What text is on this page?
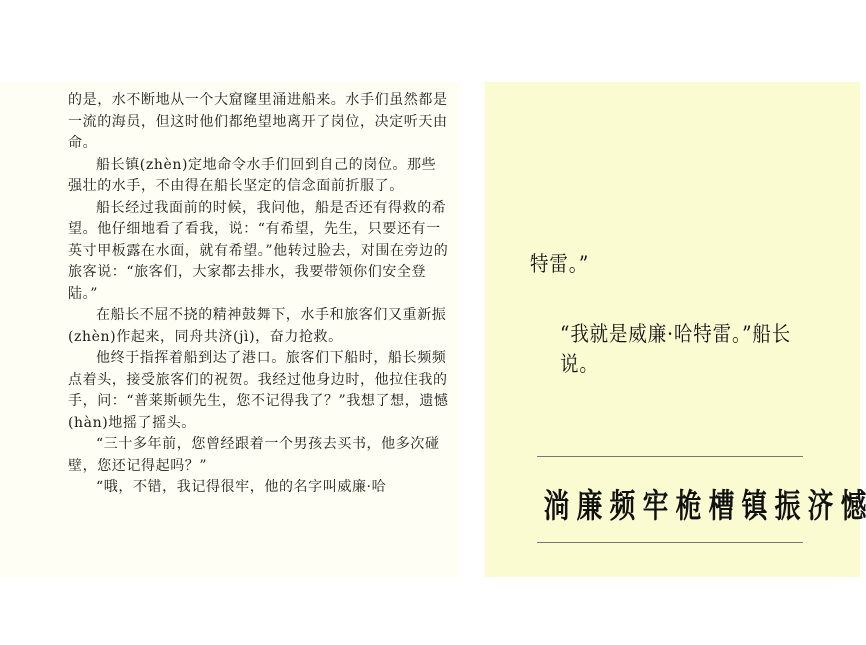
的是，水不断地从一个大窟窿里涌进船来。水手们虽然都是一流的海员，但这时他们都绝望地离开了岗位，决定听天由命。

船长镇(zhèn)定地命令水手们回到自己的岗位。那些强壮的水手，不由得在船长坚定的信念面前折服了。

船长经过我面前的时候，我问他，船是否还有得救的希望。他仔细地看了看我，说：“有希望，先生，只要还有一英寸甲板露在水面，就有希望。”他转过脸去，对围在旁边的旅客说：“旅客们，大家都去排水，我要带领你们安全登陆。”

在船长不屈不挠的精神鼓舞下，水手和旅客们又重新振(zhèn)作起来，同舟共济(jì)，奋力抢救。

他终于指挥着船到达了港口。旅客们下船时，船长频频点着头，接受旅客们的祝贺。我经过他身边时，他拉住我的手，问：“普莱斯顿先生，您不记得我了？”我想了想，遗憾(hàn)地摇了摇头。

“三十多年前，您曾经跟着一个男孩去买书，他多次碰壁，您还记得起吗？”

“哦，不错，我记得很牢，他的名字叫威廉·哈

特雷。”
“我就是威廉·哈特雷。”船长说。
淌 廉 频 牢 桅 槽 镇 振 济 憾
